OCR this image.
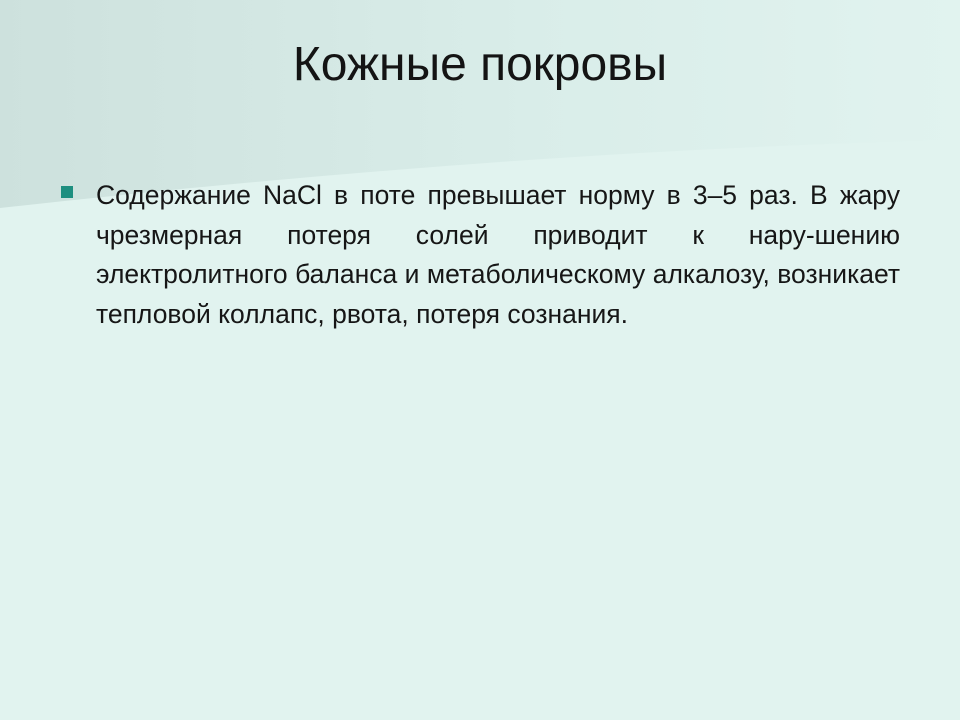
Кожные покровы

Содержание NaCl в поте превышает норму в 3–5 раз. В жару чрезмерная потеря солей приводит к нару-шению электролитного баланса и метаболическому алкалозу, возникает тепловой коллапс, рвота, потеря сознания.
